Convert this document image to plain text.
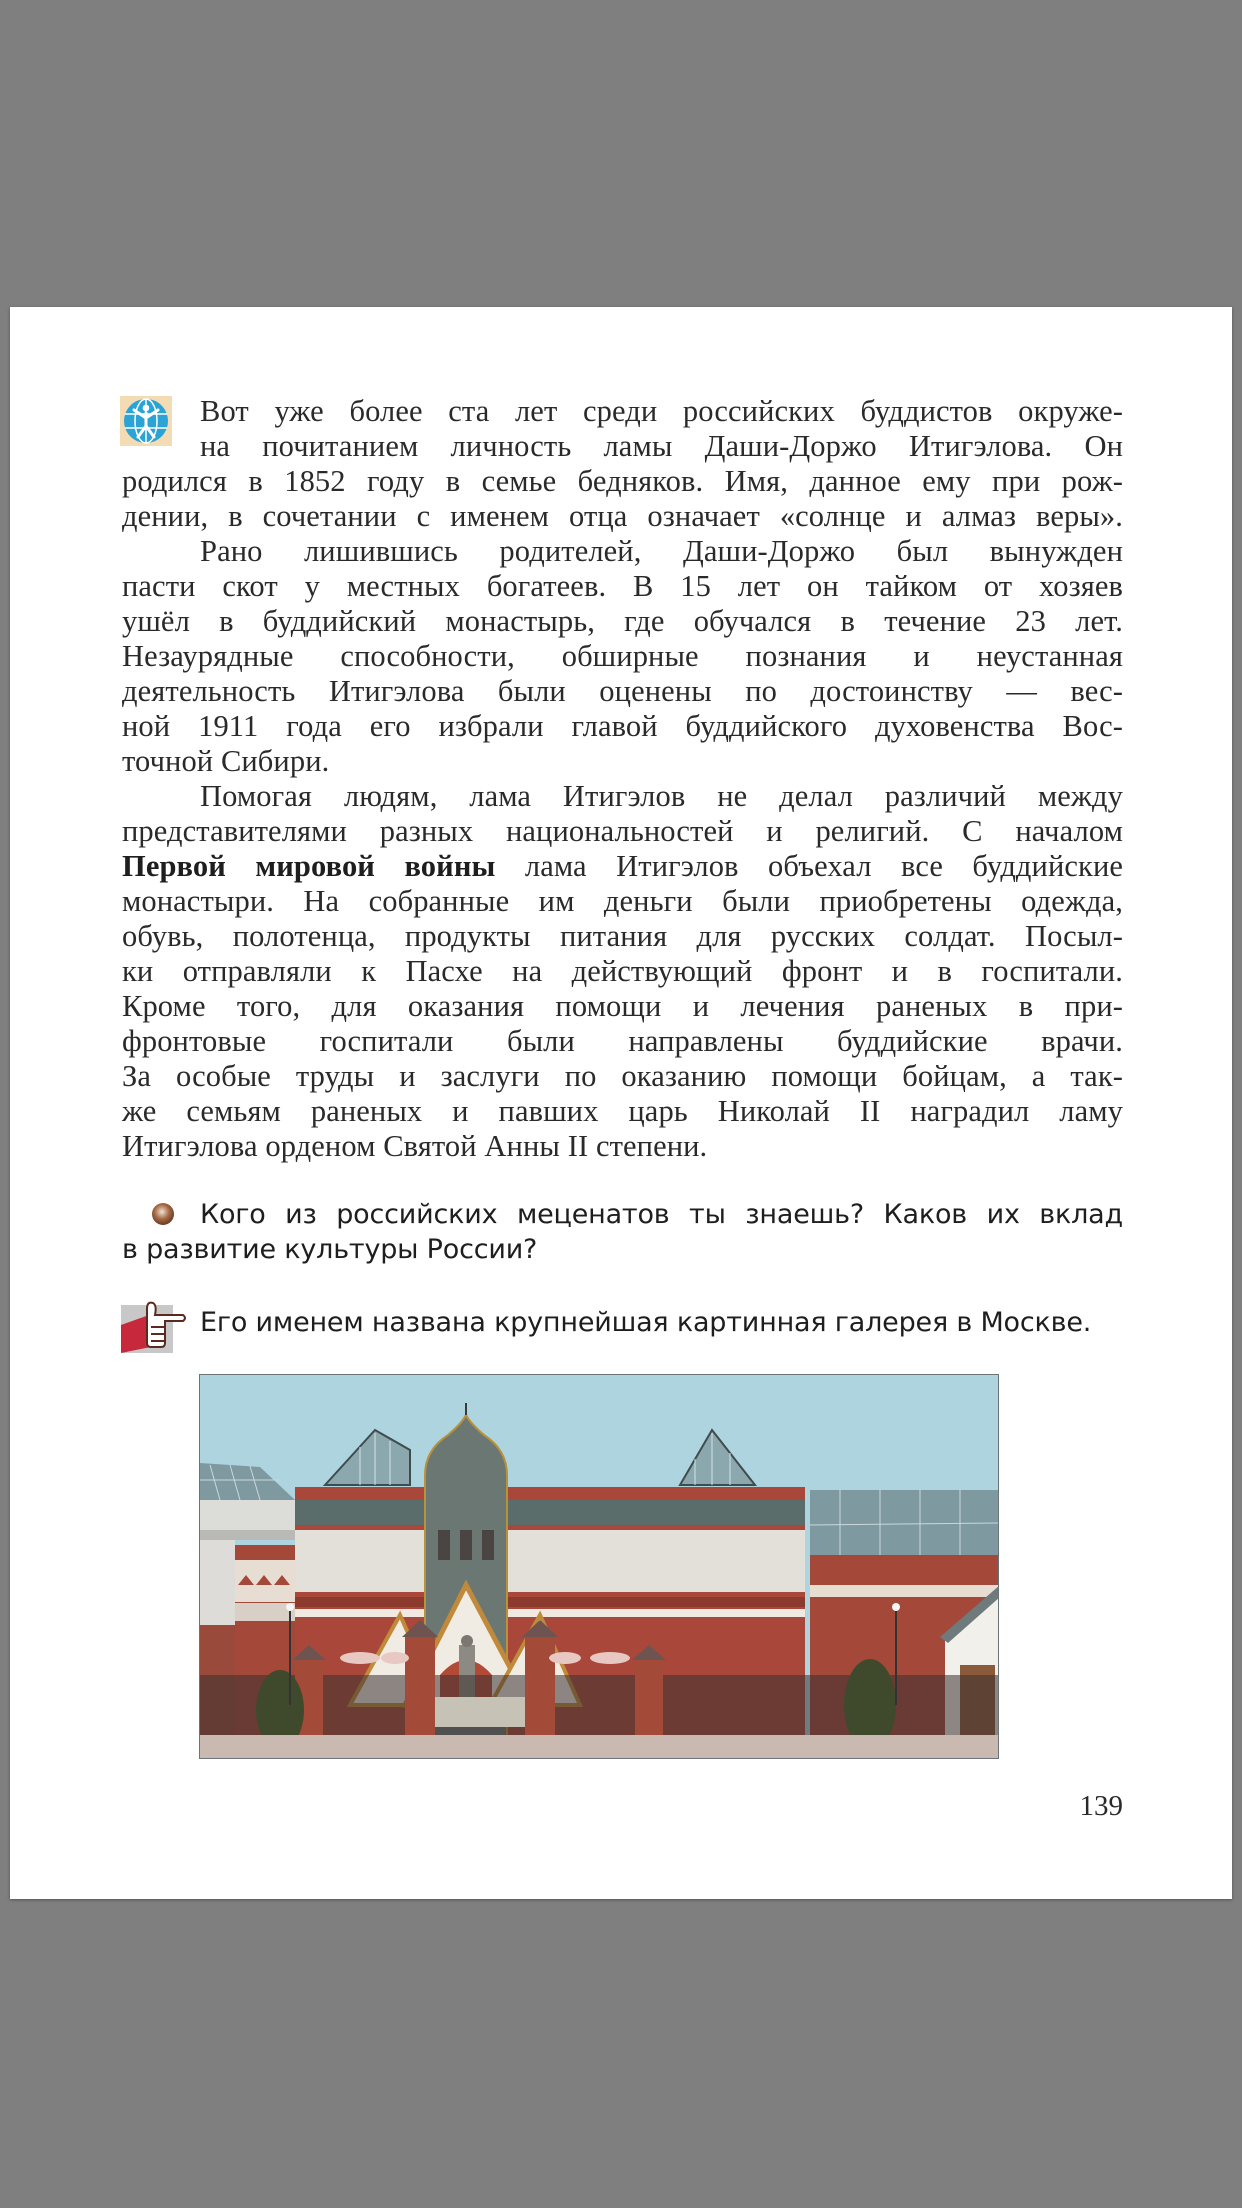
Вот уже более ста лет среди российских буддистов окруже-
на почитанием личность ламы Даши-Доржо Итигэлова. Он
родился в 1852 году в семье бедняков. Имя, данное ему при рож-
дении, в сочетании с именем отца означает «солнце и алмаз веры».
Рано лишившись родителей, Даши-Доржо был вынужден
пасти скот у местных богатеев. В 15 лет он тайком от хозяев
ушёл в буддийский монастырь, где обучался в течение 23 лет.
Незаурядные способности, обширные познания и неустанная
деятельность Итигэлова были оценены по достоинству — вес-
ной 1911 года его избрали главой буддийского духовенства Вос-
точной Сибири.
Помогая людям, лама Итигэлов не делал различий между
представителями разных национальностей и религий. С началом
Первой мировой войны лама Итигэлов объехал все буддийские
монастыри. На собранные им деньги были приобретены одежда,
обувь, полотенца, продукты питания для русских солдат. Посыл-
ки отправляли к Пасхе на действующий фронт и в госпитали.
Кроме того, для оказания помощи и лечения раненых в при-
фронтовые госпитали были направлены буддийские врачи.
За особые труды и заслуги по оказанию помощи бойцам, а так-
же семьям раненых и павших царь Николай II наградил ламу
Итигэлова орденом Святой Анны II степени.
Кого из российских меценатов ты знаешь? Каков их вклад
в развитие культуры России?
Его именем названа крупнейшая картинная галерея в Москве.
139
